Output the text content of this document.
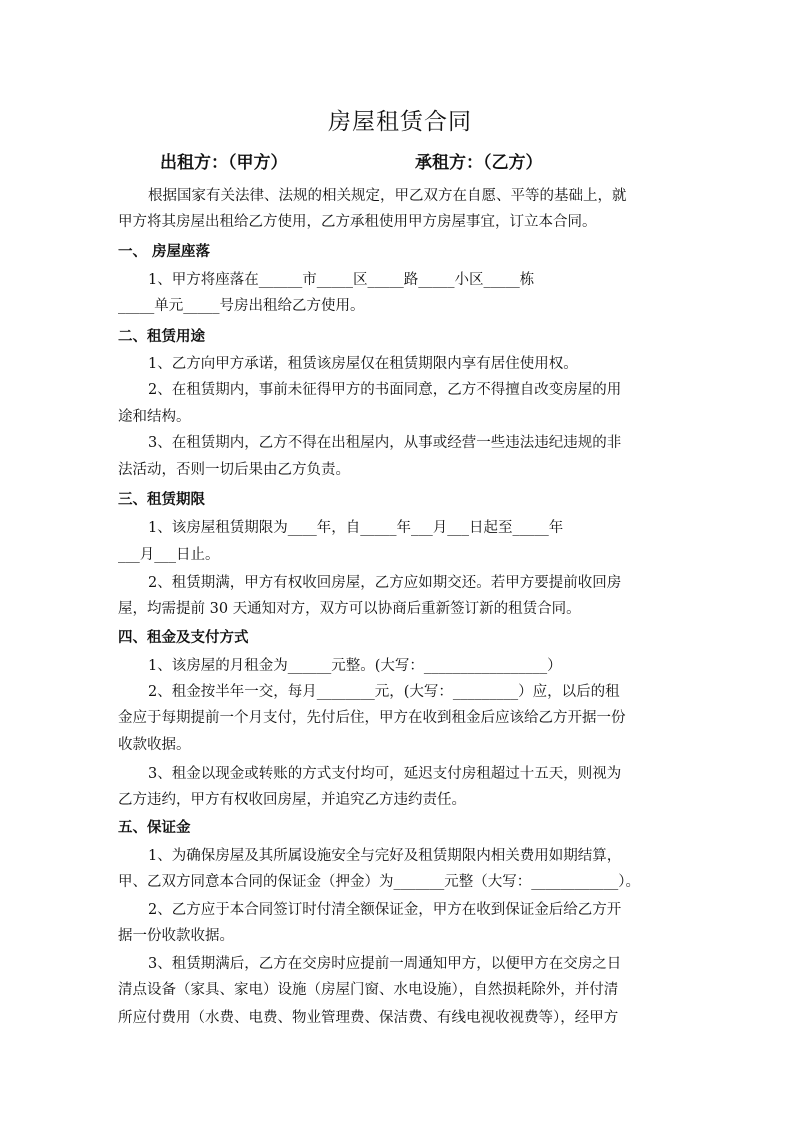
房屋租赁合同
出租方：（甲方）	承租方：（乙方）
根据国家有关法律、法规的相关规定，甲乙双方在自愿、平等的基础上，就
甲方将其房屋出租给乙方使用，乙方承租使用甲方房屋事宜，订立本合同。
一、 房屋座落
1、甲方将座落在______市_____区_____路_____小区_____栋
_____单元_____号房出租给乙方使用。
二、租赁用途
1、乙方向甲方承诺，租赁该房屋仅在租赁期限内享有居住使用权。
2、在租赁期内，事前未征得甲方的书面同意，乙方不得擅自改变房屋的用
途和结构。
3、在租赁期内，乙方不得在出租屋内，从事或经营一些违法违纪违规的非
法活动，否则一切后果由乙方负责。
三、租赁期限
1、该房屋租赁期限为____年，自_____年___月___日起至_____年
___月___日止。
2、租赁期满，甲方有权收回房屋，乙方应如期交还。若甲方要提前收回房
屋，均需提前 30 天通知对方，双方可以协商后重新签订新的租赁合同。
四、租金及支付方式
1、该房屋的月租金为______元整。(大写：_________________）
2、租金按半年一交，每月________元，(大写：_________）应，以后的租
金应于每期提前一个月支付，先付后住，甲方在收到租金后应该给乙方开据一份
收款收据。
3、租金以现金或转账的方式支付均可，延迟支付房租超过十五天，则视为
乙方违约，甲方有权收回房屋，并追究乙方违约责任。
五、保证金
1、为确保房屋及其所属设施安全与完好及租赁期限内相关费用如期结算，
甲、乙双方同意本合同的保证金（押金）为_______元整（大写：____________）。
2、乙方应于本合同签订时付清全额保证金，甲方在收到保证金后给乙方开
据一份收款收据。
3、租赁期满后，乙方在交房时应提前一周通知甲方，以便甲方在交房之日
清点设备（家具、家电）设施（房屋门窗、水电设施），自然损耗除外，并付清
所应付费用（水费、电费、物业管理费、保洁费、有线电视收视费等），经甲方
